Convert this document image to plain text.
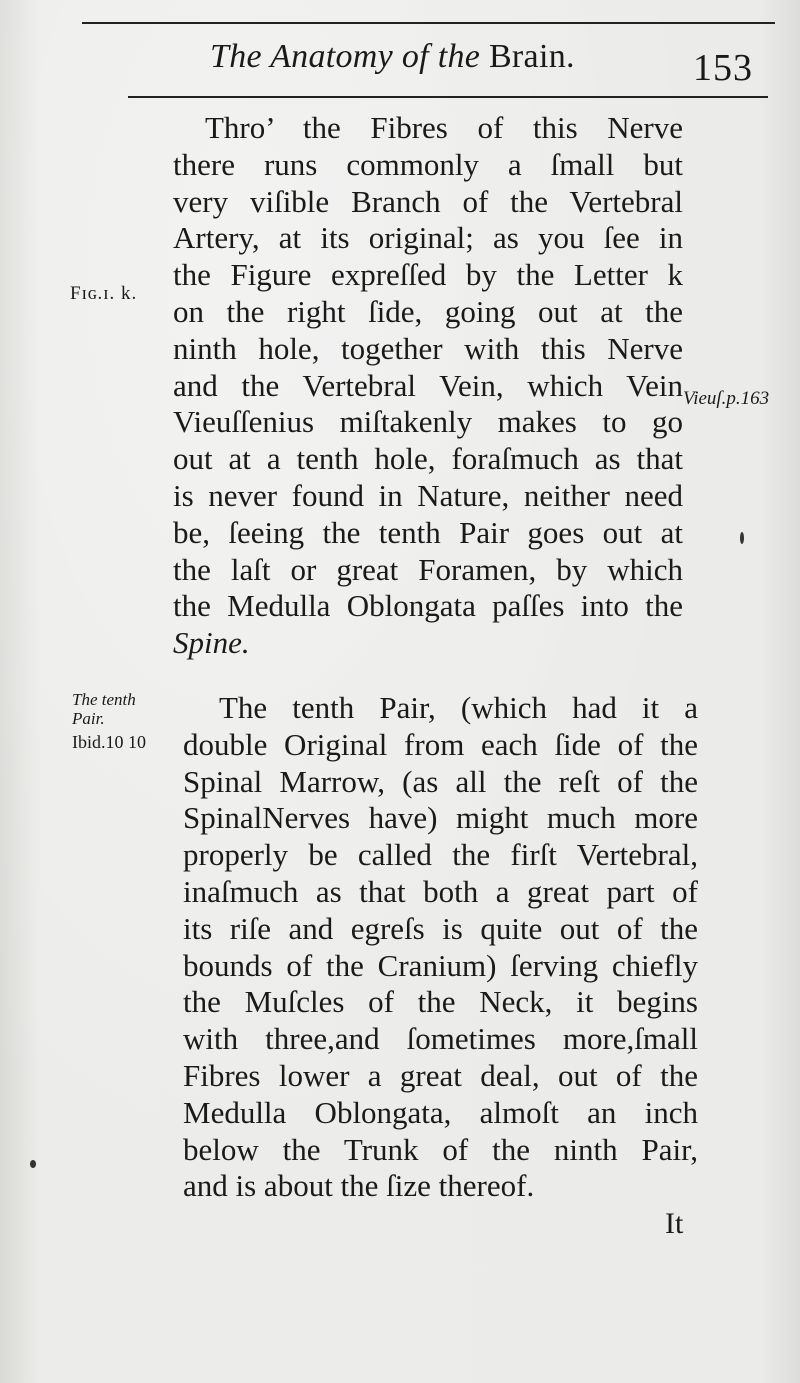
The Anatomy of the Brain.	153
Fɪɢ.ɪ. k.
Vieuſ.p.163
The tenth
Pair.
Ibid.10 10
Thro’ the Fibres of this Nerve
there runs commonly a ſmall but
very viſible Branch of the Vertebral
Artery, at its original; as you ſee in
the Figure expreſſed by the Letter k
on the right ſide, going out at the
ninth hole, together with this Nerve
and the Vertebral Vein, which Vein
Vieuſſenius miſtakenly makes to go
out at a tenth hole, foraſmuch as that
is never found in Nature, neither need
be, ſeeing the tenth Pair goes out at
the laſt or great Foramen, by which
the Medulla Oblongata paſſes into the
Spine.
The tenth Pair, (which had it a
double Original from each ſide of the
Spinal Marrow, (as all the reſt of the
SpinalNerves have) might much more
properly be called the firſt Vertebral,
inaſmuch as that both a great part of
its riſe and egreſs is quite out of the
bounds of the Cranium) ſerving chiefly
the Muſcles of the Neck, it begins
with three,and ſometimes more,ſmall
Fibres lower a great deal, out of the
Medulla Oblongata, almoſt an inch
below the Trunk of the ninth Pair,
and is about the ſize thereof.
It
